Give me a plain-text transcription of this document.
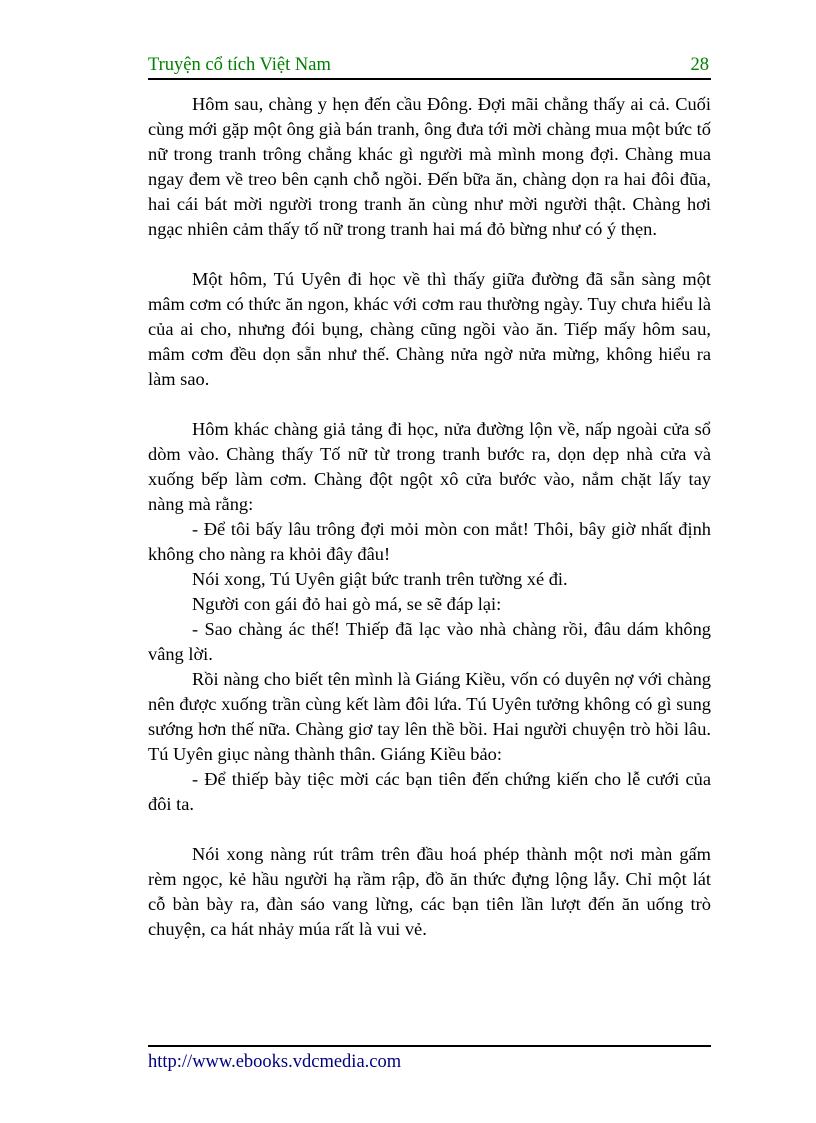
Truyện cổ tích Việt Nam	28

Hôm sau, chàng y hẹn đến cầu Đông. Đợi mãi chẳng thấy ai cả. Cuối cùng mới gặp một ông già bán tranh, ông đưa tới mời chàng mua một bức tố nữ trong tranh trông chẳng khác gì người mà mình mong đợi. Chàng mua ngay đem về treo bên cạnh chỗ ngồi. Đến bữa ăn, chàng dọn ra hai đôi đũa, hai cái bát mời người trong tranh ăn cùng như mời người thật. Chàng hơi ngạc nhiên cảm thấy tố nữ trong tranh hai má đỏ bừng như có ý thẹn.

Một hôm, Tú Uyên đi học về thì thấy giữa đường đã sẵn sàng một mâm cơm có thức ăn ngon, khác với cơm rau thường ngày. Tuy chưa hiểu là của ai cho, nhưng đói bụng, chàng cũng ngồi vào ăn. Tiếp mấy hôm sau, mâm cơm đều dọn sẵn như thế. Chàng nửa ngờ nửa mừng, không hiểu ra làm sao.

Hôm khác chàng giả tảng đi học, nửa đường lộn về, nấp ngoài cửa sổ dòm vào. Chàng thấy Tố nữ từ trong tranh bước ra, dọn dẹp nhà cửa và xuống bếp làm cơm. Chàng đột ngột xô cửa bước vào, nắm chặt lấy tay nàng mà rằng:

- Để tôi bấy lâu trông đợi mỏi mòn con mắt! Thôi, bây giờ nhất định không cho nàng ra khỏi đây đâu!

Nói xong, Tú Uyên giật bức tranh trên tường xé đi.

Người con gái đỏ hai gò má, se sẽ đáp lại:

- Sao chàng ác thế! Thiếp đã lạc vào nhà chàng rồi, đâu dám không vâng lời.

Rồi nàng cho biết tên mình là Giáng Kiều, vốn có duyên nợ với chàng nên được xuống trần cùng kết làm đôi lứa. Tú Uyên tưởng không có gì sung sướng hơn thế nữa. Chàng giơ tay lên thề bồi. Hai người chuyện trò hồi lâu. Tú Uyên giục nàng thành thân. Giáng Kiều bảo:

- Để thiếp bày tiệc mời các bạn tiên đến chứng kiến cho lễ cưới của đôi ta.

Nói xong nàng rút trâm trên đầu hoá phép thành một nơi màn gấm rèm ngọc, kẻ hầu người hạ rầm rập, đồ ăn thức đựng lộng lẫy. Chỉ một lát cỗ bàn bày ra, đàn sáo vang lừng, các bạn tiên lần lượt đến ăn uống trò chuyện, ca hát nhảy múa rất là vui vẻ.

http://www.ebooks.vdcmedia.com
